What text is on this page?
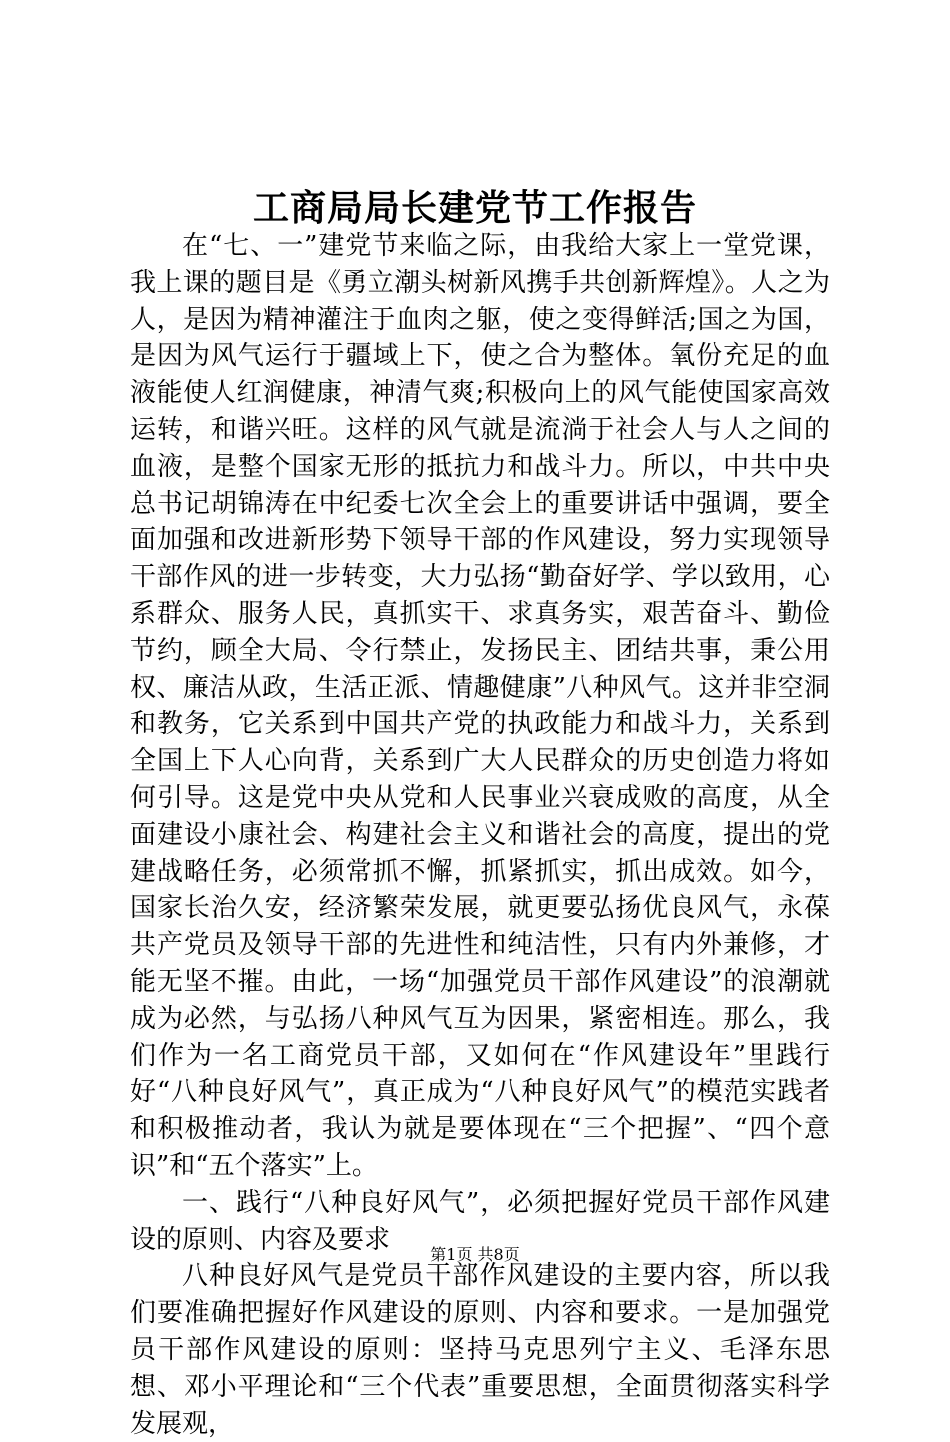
工商局局长建党节工作报告

在“七、一”建党节来临之际，由我给大家上一堂党课，我上课的题目是《勇立潮头树新风携手共创新辉煌》。人之为人，是因为精神灌注于血肉之躯，使之变得鲜活;国之为国，是因为风气运行于疆域上下，使之合为整体。氧份充足的血液能使人红润健康，神清气爽;积极向上的风气能使国家高效运转，和谐兴旺。这样的风气就是流淌于社会人与人之间的血液，是整个国家无形的抵抗力和战斗力。所以，中共中央总书记胡锦涛在中纪委七次全会上的重要讲话中强调，要全面加强和改进新形势下领导干部的作风建设，努力实现领导干部作风的进一步转变，大力弘扬“勤奋好学、学以致用，心系群众、服务人民，真抓实干、求真务实，艰苦奋斗、勤俭节约，顾全大局、令行禁止，发扬民主、团结共事，秉公用权、廉洁从政，生活正派、情趣健康”八种风气。这并非空洞和教务，它关系到中国共产党的执政能力和战斗力，关系到全国上下人心向背，关系到广大人民群众的历史创造力将如何引导。这是党中央从党和人民事业兴衰成败的高度，从全面建设小康社会、构建社会主义和谐社会的高度，提出的党建战略任务，必须常抓不懈，抓紧抓实，抓出成效。如今，国家长治久安，经济繁荣发展，就更要弘扬优良风气，永葆共产党员及领导干部的先进性和纯洁性，只有内外兼修，才能无坚不摧。由此，一场“加强党员干部作风建设”的浪潮就成为必然，与弘扬八种风气互为因果，紧密相连。那么，我们作为一名工商党员干部，又如何在“作风建设年”里践行好“八种良好风气”，真正成为“八种良好风气”的模范实践者和积极推动者，我认为就是要体现在“三个把握”、“四个意识”和“五个落实”上。

一、践行“八种良好风气”，必须把握好党员干部作风建设的原则、内容及要求

八种良好风气是党员干部作风建设的主要内容，所以我们要准确把握好作风建设的原则、内容和要求。一是加强党员干部作风建设的原则：坚持马克思列宁主义、毛泽东思想、邓小平理论和“三个代表”重要思想，全面贯彻落实科学发展观，

第1页 共8页
